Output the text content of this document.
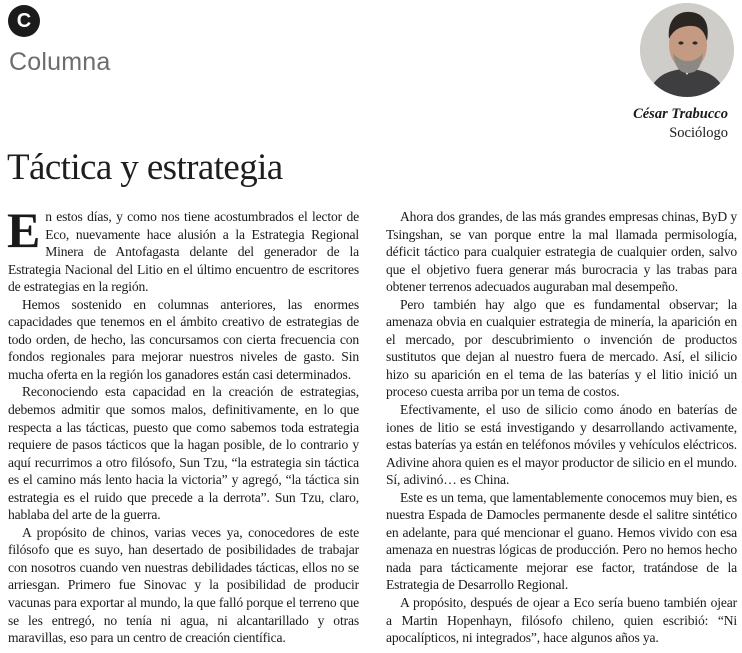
C
Columna
César Trabucco
Sociólogo
Táctica y estrategia

En estos días, y como nos tiene acostumbrados el lector de Eco, nuevamente hace alusión a la Estrategia Regional Minera de Antofagasta delante del generador de la Estrategia Nacional del Litio en el último encuentro de escritores de estrategias en la región.

Hemos sostenido en columnas anteriores, las enormes capacidades que tenemos en el ámbito creativo de estrategias de todo orden, de hecho, las concursamos con cierta frecuencia con fondos regionales para mejorar nuestros niveles de gasto. Sin mucha oferta en la región los ganadores están casi determinados.

Reconociendo esta capacidad en la creación de estrategias, debemos admitir que somos malos, definitivamente, en lo que respecta a las tácticas, puesto que como sabemos toda estrategia requiere de pasos tácticos que la hagan posible, de lo contrario y aquí recurrimos a otro filósofo, Sun Tzu, “la estrategia sin táctica es el camino más lento hacia la victoria” y agregó, “la táctica sin estrategia es el ruido que precede a la derrota”. Sun Tzu, claro, hablaba del arte de la guerra.

A propósito de chinos, varias veces ya, conocedores de este filósofo que es suyo, han desertado de posibilidades de trabajar con nosotros cuando ven nuestras debilidades tácticas, ellos no se arriesgan. Primero fue Sinovac y la posibilidad de producir vacunas para exportar al mundo, la que falló porque el terreno que se les entregó, no tenía ni agua, ni alcantarillado y otras maravillas, eso para un centro de creación científica.

Ahora dos grandes, de las más grandes empresas chinas, ByD y Tsingshan, se van porque entre la mal llamada permisología, déficit táctico para cualquier estrategia de cualquier orden, salvo que el objetivo fuera generar más burocracia y las trabas para obtener terrenos adecuados auguraban mal desempeño.

Pero también hay algo que es fundamental observar; la amenaza obvia en cualquier estrategia de minería, la aparición en el mercado, por descubrimiento o invención de productos sustitutos que dejan al nuestro fuera de mercado. Así, el silicio hizo su aparición en el tema de las baterías y el litio inició un proceso cuesta arriba por un tema de costos.

Efectivamente, el uso de silicio como ánodo en baterías de iones de litio se está investigando y desarrollando activamente, estas baterías ya están en teléfonos móviles y vehículos eléctricos. Adivine ahora quien es el mayor productor de silicio en el mundo. Sí, adivinó… es China.

Este es un tema, que lamentablemente conocemos muy bien, es nuestra Espada de Damocles permanente desde el salitre sintético en adelante, para qué mencionar el guano. Hemos vivido con esa amenaza en nuestras lógicas de producción. Pero no hemos hecho nada para tácticamente mejorar ese factor, tratándose de la Estrategia de Desarrollo Regional.

A propósito, después de ojear a Eco sería bueno también ojear a Martin Hopenhayn, filósofo chileno, quien escribió: “Ni apocalípticos, ni integrados”, hace algunos años ya.
